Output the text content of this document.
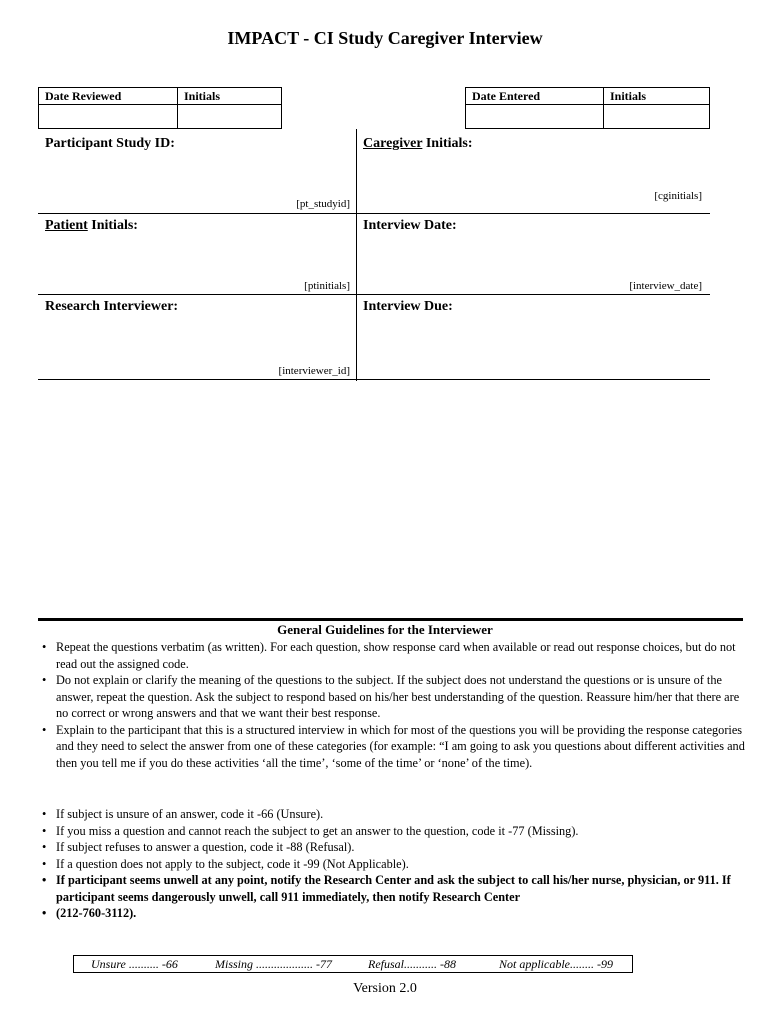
IMPACT - CI Study Caregiver Interview
Date Reviewed	Initials	Date Entered	Initials
Participant Study ID:
[pt_studyid]
Caregiver Initials:
[cginitials]
Patient Initials:
[ptinitials]
Interview Date:
[interview_date]
Research Interviewer:
[interviewer_id]
Interview Due:
General Guidelines for the Interviewer
• Repeat the questions verbatim (as written). For each question, show response card when available or read out response choices, but do not read out the assigned code.
• Do not explain or clarify the meaning of the questions to the subject. If the subject does not understand the questions or is unsure of the answer, repeat the question. Ask the subject to respond based on his/her best understanding of the question. Reassure him/her that there are no correct or wrong answers and that we want their best response.
• Explain to the participant that this is a structured interview in which for most of the questions you will be providing the response categories and they need to select the answer from one of these categories (for example: “I am going to ask you questions about different activities and then you tell me if you do these activities ‘all the time’, ‘some of the time’ or ‘none’ of the time).
• If subject is unsure of an answer, code it -66 (Unsure).
• If you miss a question and cannot reach the subject to get an answer to the question, code it -77 (Missing).
• If subject refuses to answer a question, code it -88 (Refusal).
• If a question does not apply to the subject, code it -99 (Not Applicable).
• If participant seems unwell at any point, notify the Research Center and ask the subject to call his/her nurse, physician, or 911. If participant seems dangerously unwell, call 911 immediately, then notify Research Center
• (212-760-3112).
Unsure .......... -66	Missing ................... -77	Refusal........... -88	Not applicable........ -99
Version 2.0
